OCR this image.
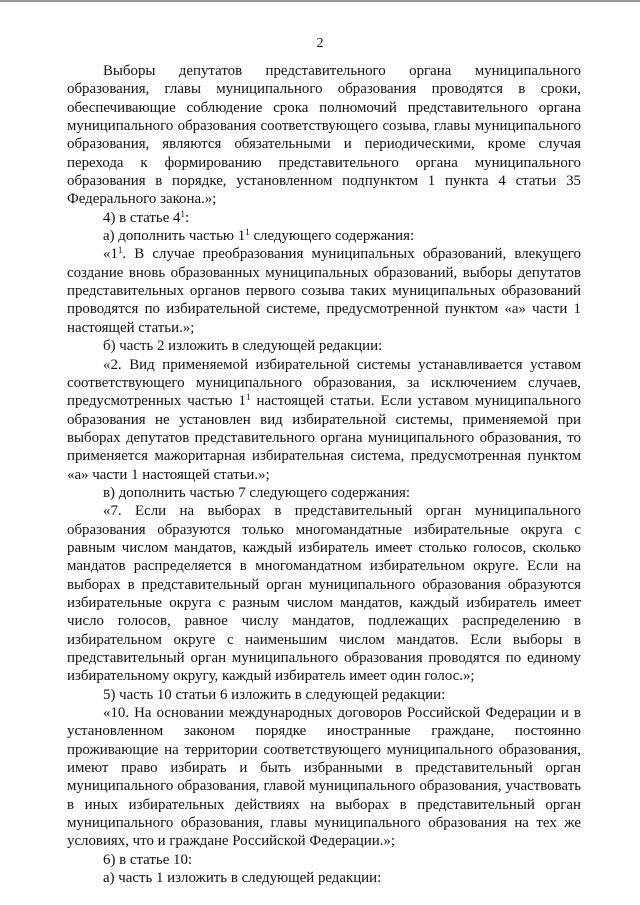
2

Выборы депутатов представительного органа муниципального образования, главы муниципального образования проводятся в сроки, обеспечивающие соблюдение срока полномочий представительного органа муниципального образования соответствующего созыва, главы муниципального образования, являются обязательными и периодическими, кроме случая перехода к формированию представительного органа муниципального образования в порядке, установленном подпунктом 1 пункта 4 статьи 35 Федерального закона.»;

4) в статье $4^1$:

а) дополнить частью $1^1$ следующего содержания:

«$1^1$. В случае преобразования муниципальных образований, влекущего создание вновь образованных муниципальных образований, выборы депутатов представительных органов первого созыва таких муниципальных образований проводятся по избирательной системе, предусмотренной пунктом «а» части 1 настоящей статьи.»;

б) часть 2 изложить в следующей редакции:

«2. Вид применяемой избирательной системы устанавливается уставом соответствующего муниципального образования, за исключением случаев, предусмотренных частью $1^1$ настоящей статьи. Если уставом муниципального образования не установлен вид избирательной системы, применяемой при выборах депутатов представительного органа муниципального образования, то применяется мажоритарная избирательная система, предусмотренная пунктом «а» части 1 настоящей статьи.»;

в) дополнить частью 7 следующего содержания:

«7. Если на выборах в представительный орган муниципального образования образуются только многомандатные избирательные округа с равным числом мандатов, каждый избиратель имеет столько голосов, сколько мандатов распределяется в многомандатном избирательном округе. Если на выборах в представительный орган муниципального образования образуются избирательные округа с разным числом мандатов, каждый избиратель имеет число голосов, равное числу мандатов, подлежащих распределению в избирательном округе с наименьшим числом мандатов. Если выборы в представительный орган муниципального образования проводятся по единому избирательному округу, каждый избиратель имеет один голос.»;

5) часть 10 статьи 6 изложить в следующей редакции:

«10. На основании международных договоров Российской Федерации и в установленном законом порядке иностранные граждане, постоянно проживающие на территории соответствующего муниципального образования, имеют право избирать и быть избранными в представительный орган муниципального образования, главой муниципального образования, участвовать в иных избирательных действиях на выборах в представительный орган муниципального образования, главы муниципального образования на тех же условиях, что и граждане Российской Федерации.»;

6) в статье 10:

а) часть 1 изложить в следующей редакции:
